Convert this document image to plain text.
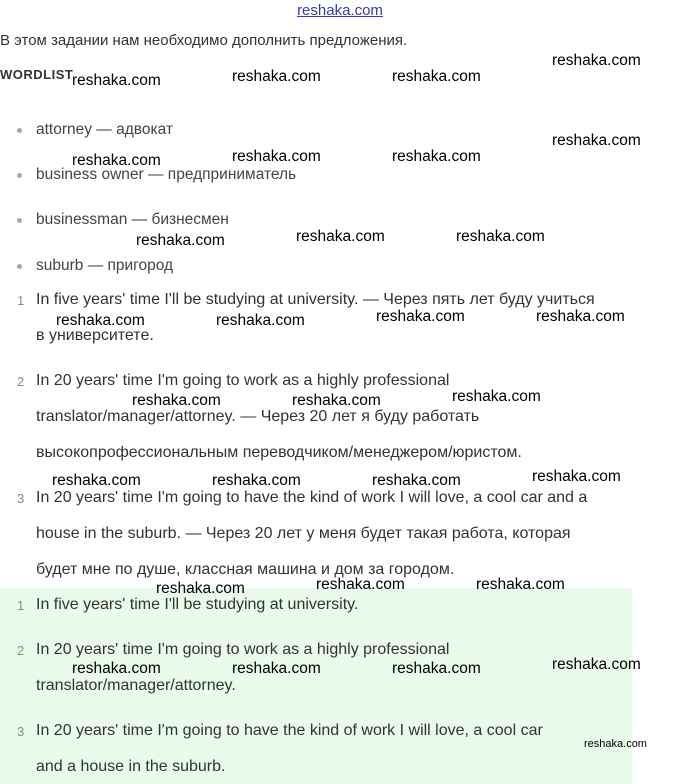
reshaka.com
В этом задании нам необходимо дополнить предложения.
WORDLIST
attorney — адвокат
business owner — предприниматель
businessman — бизнесмен
suburb — пригород
1 In five years' time I'll be studying at university. — Через пять лет буду учиться
в университете.
2 In 20 years' time I'm going to work as a highly professional
translator/manager/attorney. — Через 20 лет я буду работать
высокопрофессиональным переводчиком/менеджером/юристом.
3 In 20 years' time I'm going to have the kind of work I will love, a cool car and a
house in the suburb. — Через 20 лет у меня будет такая работа, которая
будет мне по душе, классная машина и дом за городом.
1 In five years' time I'll be studying at university.
2 In 20 years' time I'm going to work as a highly professional
translator/manager/attorney.
3 In 20 years' time I'm going to have the kind of work I will love, a cool car
and a house in the suburb.
reshaka.com	reshaka.com	reshaka.com
reshaka.com
reshaka.com	reshaka.com	reshaka.com
reshaka.com
reshaka.com	reshaka.com	reshaka.com
reshaka.com	reshaka.com	reshaka.com	reshaka.com
reshaka.com	reshaka.com	reshaka.com
reshaka.com	reshaka.com	reshaka.com	reshaka.com
reshaka.com	reshaka.com	reshaka.com
reshaka.com	reshaka.com	reshaka.com	reshaka.com
reshaka.com
